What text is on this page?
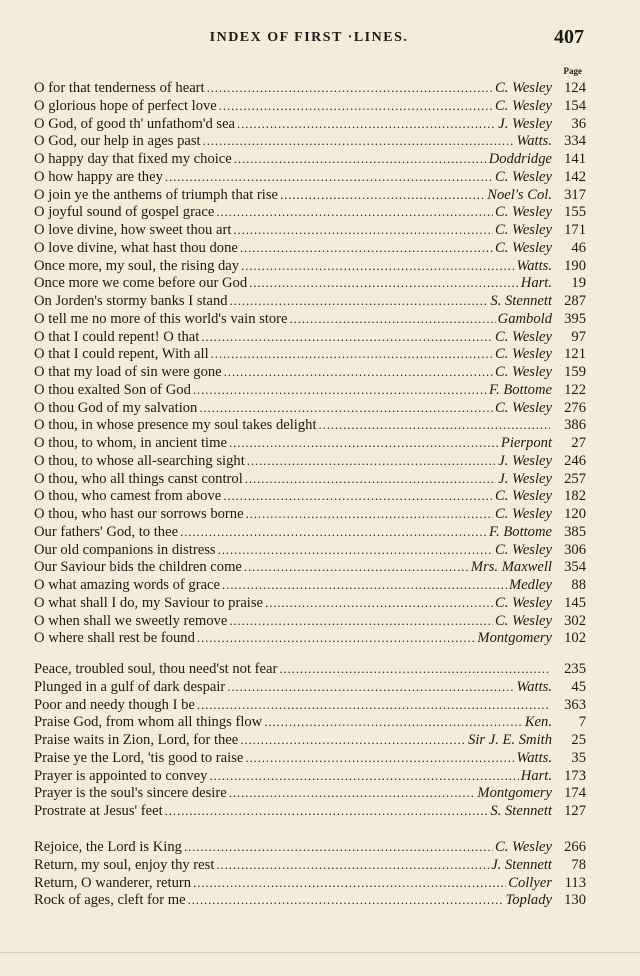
INDEX OF FIRST ·LINES.	407
Page
O for that tenderness of heart . . .	C. Wesley 124
O glorious hope of perfect love . . .	C. Wesley 154
O God, of good th' unfathom'd sea . . .	J. Wesley	36
O God, our help in ages past . . .	Watts. 334
O happy day that fixed my choice . . .	Doddridge 141
O how happy are they . . .	C. Wesley 142
O join ye the anthems of triumph that rise . . .	Noel's Col. 317
O joyful sound of gospel grace . . .	C. Wesley 155
O love divine, how sweet thou art . . .	C. Wesley 171
O love divine, what hast thou done . . .	C. Wesley	46
Once more, my soul, the rising day . . .	Watts. 190
Once more we come before our God . . .	Hart.	19
On Jorden's stormy banks I stand . . .	S. Stennett 287
O tell me no more of this world's vain store . . .	Gambold 395
O that I could repent! O that . . .	C. Wesley	97
O that I could repent, With all . . .	C. Wesley 121
O that my load of sin were gone . . .	C. Wesley 159
O thou exalted Son of God . . .	F. Bottome 122
O thou God of my salvation . . .	C. Wesley 276
O thou, in whose presence my soul takes delight . . .	386
O thou, to whom, in ancient time . . .	Pierpont	27
O thou, to whose all-searching sight . . .	J. Wesley 246
O thou, who all things canst control . . .	J. Wesley 257
O thou, who camest from above . . .	C. Wesley 182
O thou, who hast our sorrows borne . . .	C. Wesley 120
Our fathers' God, to thee . . .	F. Bottome 385
Our old companions in distress . . .	C. Wesley 306
Our Saviour bids the children come . . .	Mrs. Maxwell 354
O what amazing words of grace . . .	Medley	88
O what shall I do, my Saviour to praise . . .	C. Wesley 145
O when shall we sweetly remove . . .	C. Wesley 302
O where shall rest be found . . .	Montgomery 102
Peace, troubled soul, thou need'st not fear . . .	235
Plunged in a gulf of dark despair . . .	Watts.	45
Poor and needy though I be . . .	363
Praise God, from whom all things flow . . .	Ken.	7
Praise waits in Zion, Lord, for thee . . .	Sir J. E. Smith	25
Praise ye the Lord, 'tis good to raise . . .	Watts.	35
Prayer is appointed to convey . . .	Hart. 173
Prayer is the soul's sincere desire . . .	Montgomery 174
Prostrate at Jesus' feet . . .	S. Stennett 127
Rejoice, the Lord is King . . .	C. Wesley 266
Return, my soul, enjoy thy rest . . .	J. Stennett	78
Return, O wanderer, return . . .	Collyer 113
Rock of ages, cleft for me . . .	Toplady 130
